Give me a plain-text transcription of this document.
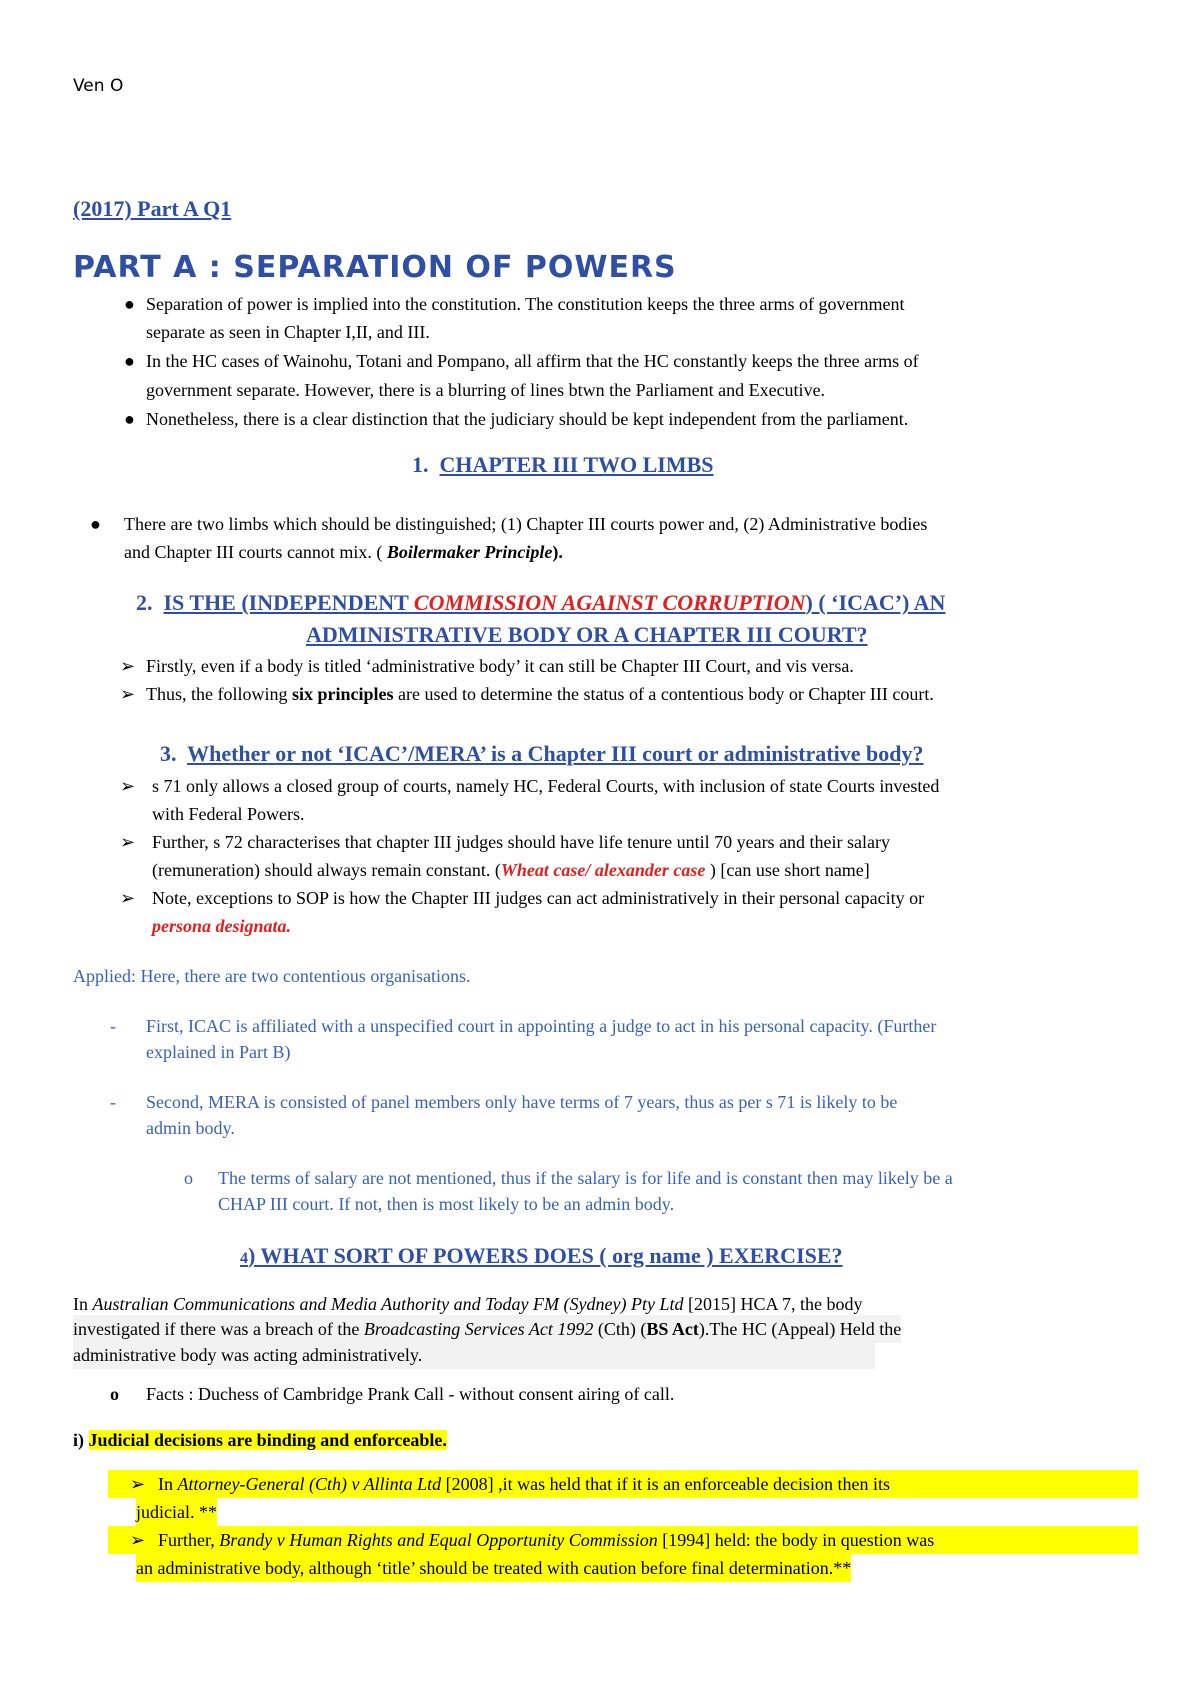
Ven O
(2017) Part A Q1
PART A : SEPARATION OF POWERS
● Separation of power is implied into the constitution. The constitution keeps the three arms of government
separate as seen in Chapter I,II, and III.
● In the HC cases of Wainohu, Totani and Pompano, all affirm that the HC constantly keeps the three arms of
government separate. However, there is a blurring of lines btwn the Parliament and Executive.
● Nonetheless, there is a clear distinction that the judiciary should be kept independent from the parliament.
1. CHAPTER III TWO LIMBS
● There are two limbs which should be distinguished; (1) Chapter III courts power and, (2) Administrative bodies
and Chapter III courts cannot mix. ( Boilermaker Principle).
2. IS THE (INDEPENDENT COMMISSION AGAINST CORRUPTION) ( ‘ICAC’) AN
ADMINISTRATIVE BODY OR A CHAPTER III COURT?
➢ Firstly, even if a body is titled ‘administrative body’ it can still be Chapter III Court, and vis versa.
➢ Thus, the following six principles are used to determine the status of a contentious body or Chapter III court.
3. Whether or not ‘ICAC’/MERA’ is a Chapter III court or administrative body?
➢ s 71 only allows a closed group of courts, namely HC, Federal Courts, with inclusion of state Courts invested
with Federal Powers.
➢ Further, s 72 characterises that chapter III judges should have life tenure until 70 years and their salary
(remuneration) should always remain constant. (Wheat case/ alexander case ) [can use short name]
➢ Note, exceptions to SOP is how the Chapter III judges can act administratively in their personal capacity or
persona designata.
Applied: Here, there are two contentious organisations.
- First, ICAC is affiliated with a unspecified court in appointing a judge to act in his personal capacity. (Further
explained in Part B)
- Second, MERA is consisted of panel members only have terms of 7 years, thus as per s 71 is likely to be
admin body.
o The terms of salary are not mentioned, thus if the salary is for life and is constant then may likely be a
CHAP III court. If not, then is most likely to be an admin body.
4) WHAT SORT OF POWERS DOES ( org name ) EXERCISE?
In Australian Communications and Media Authority and Today FM (Sydney) Pty Ltd [2015] HCA 7, the body
investigated if there was a breach of the Broadcasting Services Act 1992 (Cth) (BS Act).The HC (Appeal) Held the
administrative body was acting administratively.
o Facts : Duchess of Cambridge Prank Call - without consent airing of call.
i) Judicial decisions are binding and enforceable.
➢ In Attorney-General (Cth) v Allinta Ltd [2008] ,it was held that if it is an enforceable decision then its

judicial. **
➢ Further, Brandy v Human Rights and Equal Opportunity Commission [1994] held: the body in question was

an administrative body, although ‘title’ should be treated with caution before final determination.**
